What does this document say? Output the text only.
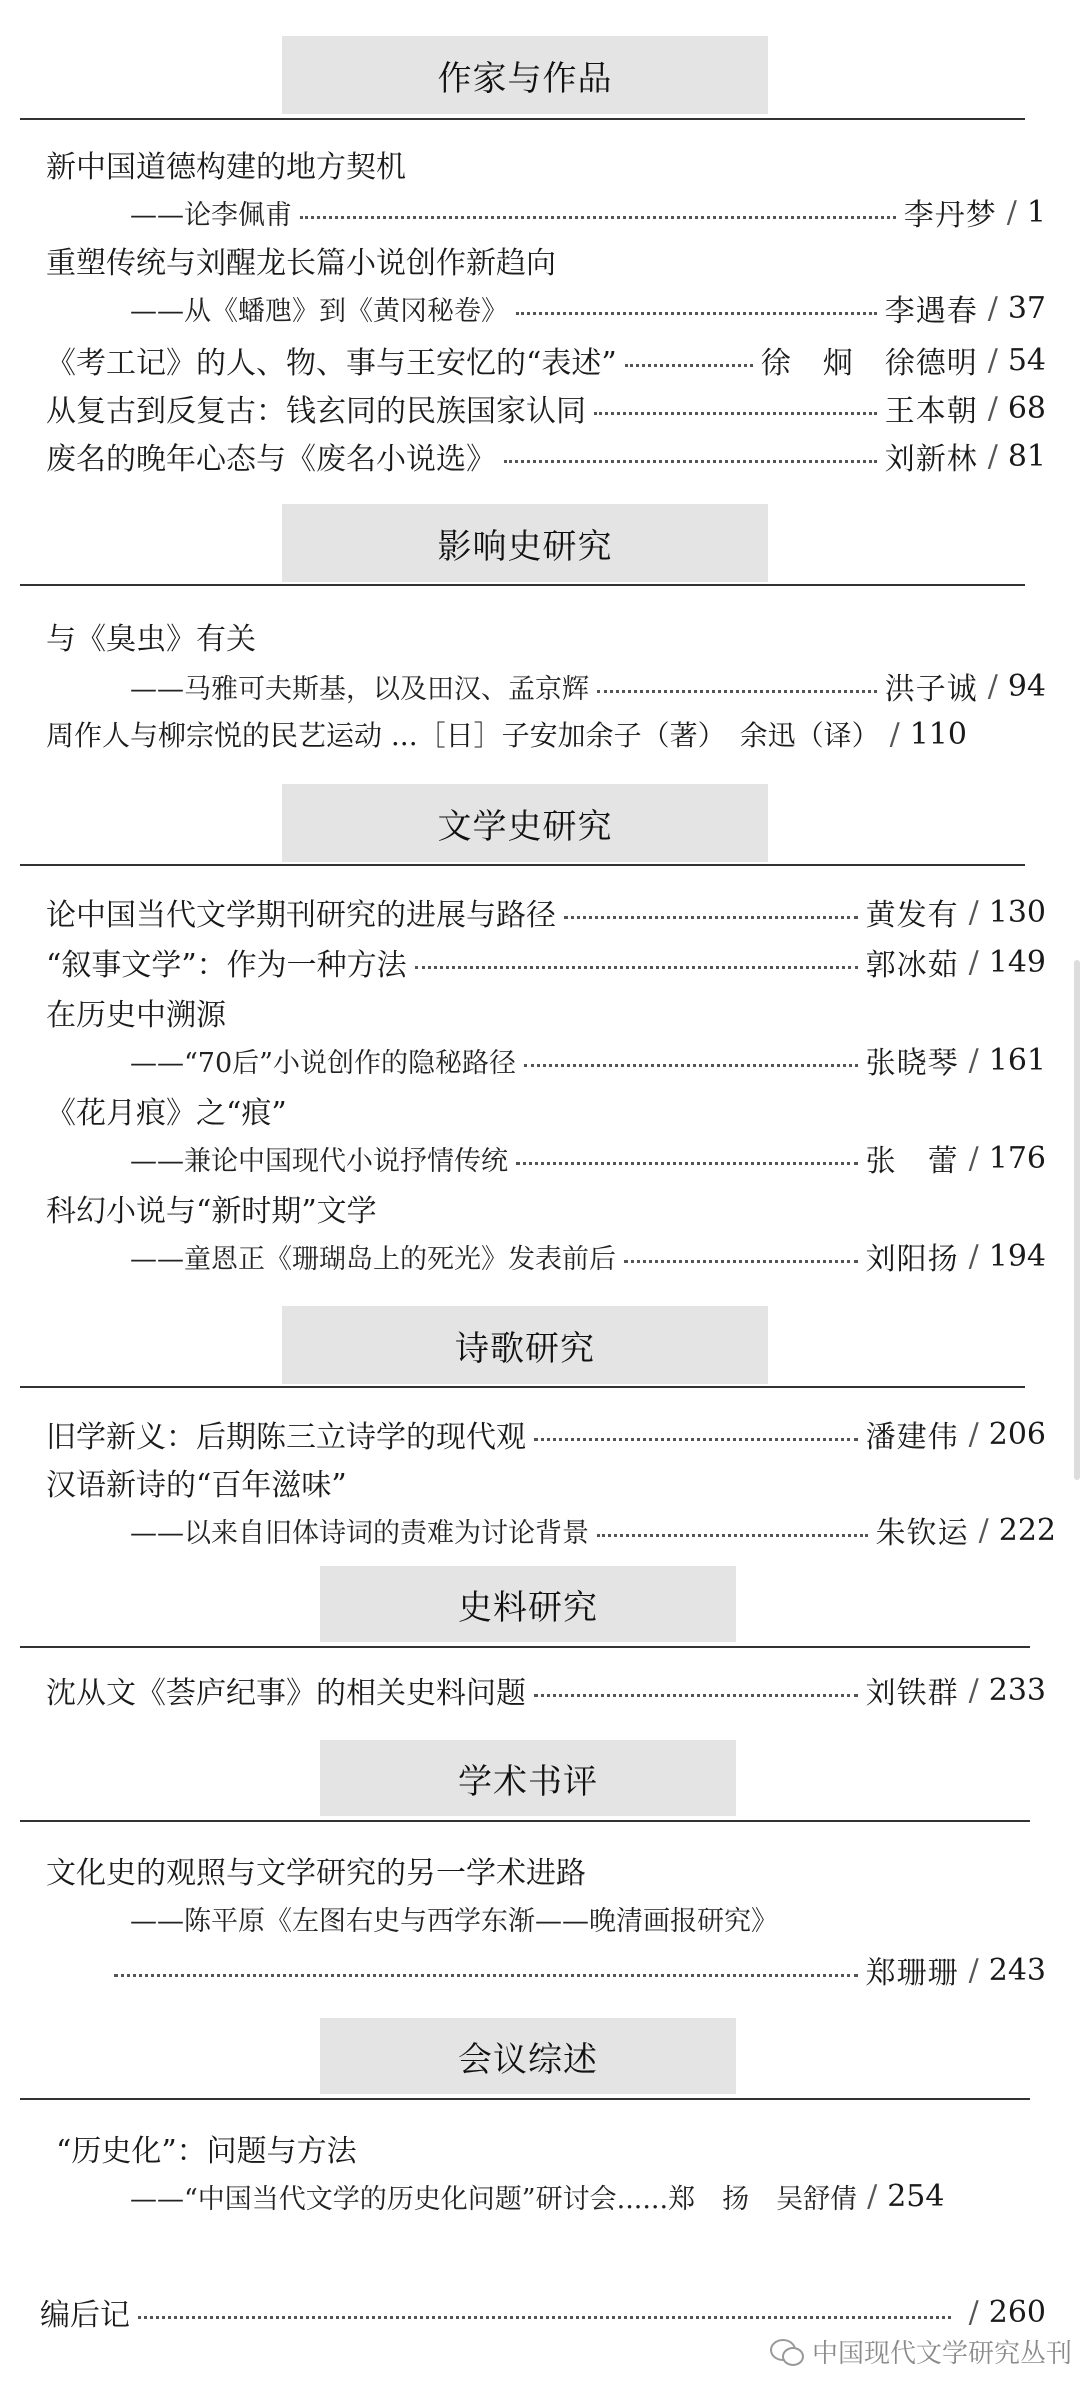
作家与作品
新中国道德构建的地方契机
——论李佩甫	李丹梦 / 1
重塑传统与刘醒龙长篇小说创作新趋向
——从《蟠虺》到《黄冈秘卷》	李遇春 / 37
《考工记》的人、物、事与王安忆的“表述”	徐　炯　徐德明 / 54
从复古到反复古：钱玄同的民族国家认同	王本朝 / 68
废名的晚年心态与《废名小说选》	刘新林 / 81
影响史研究
与《臭虫》有关
——马雅可夫斯基，以及田汉、孟京辉	洪子诚 / 94
周作人与柳宗悦的民艺运动 ...［日］子安加余子（著）　余迅（译） / 110
文学史研究
论中国当代文学期刊研究的进展与路径	黄发有 / 130
“叙事文学”：作为一种方法	郭冰茹 / 149
在历史中溯源
——“70后”小说创作的隐秘路径	张晓琴 / 161
《花月痕》之“痕”
——兼论中国现代小说抒情传统	张　蕾 / 176
科幻小说与“新时期”文学
——童恩正《珊瑚岛上的死光》发表前后	刘阳扬 / 194
诗歌研究
旧学新义：后期陈三立诗学的现代观	潘建伟 / 206
汉语新诗的“百年滋味”
——以来自旧体诗词的责难为讨论背景	朱钦运 / 222
史料研究
沈从文《荟庐纪事》的相关史料问题	刘铁群 / 233
学术书评
文化史的观照与文学研究的另一学术进路
——陈平原《左图右史与西学东渐——晚清画报研究》
郑珊珊 / 243
会议综述
“历史化”：问题与方法
——“中国当代文学的历史化问题”研讨会......郑　扬　吴舒倩 / 254
编后记	/ 260
中国现代文学研究丛刊
